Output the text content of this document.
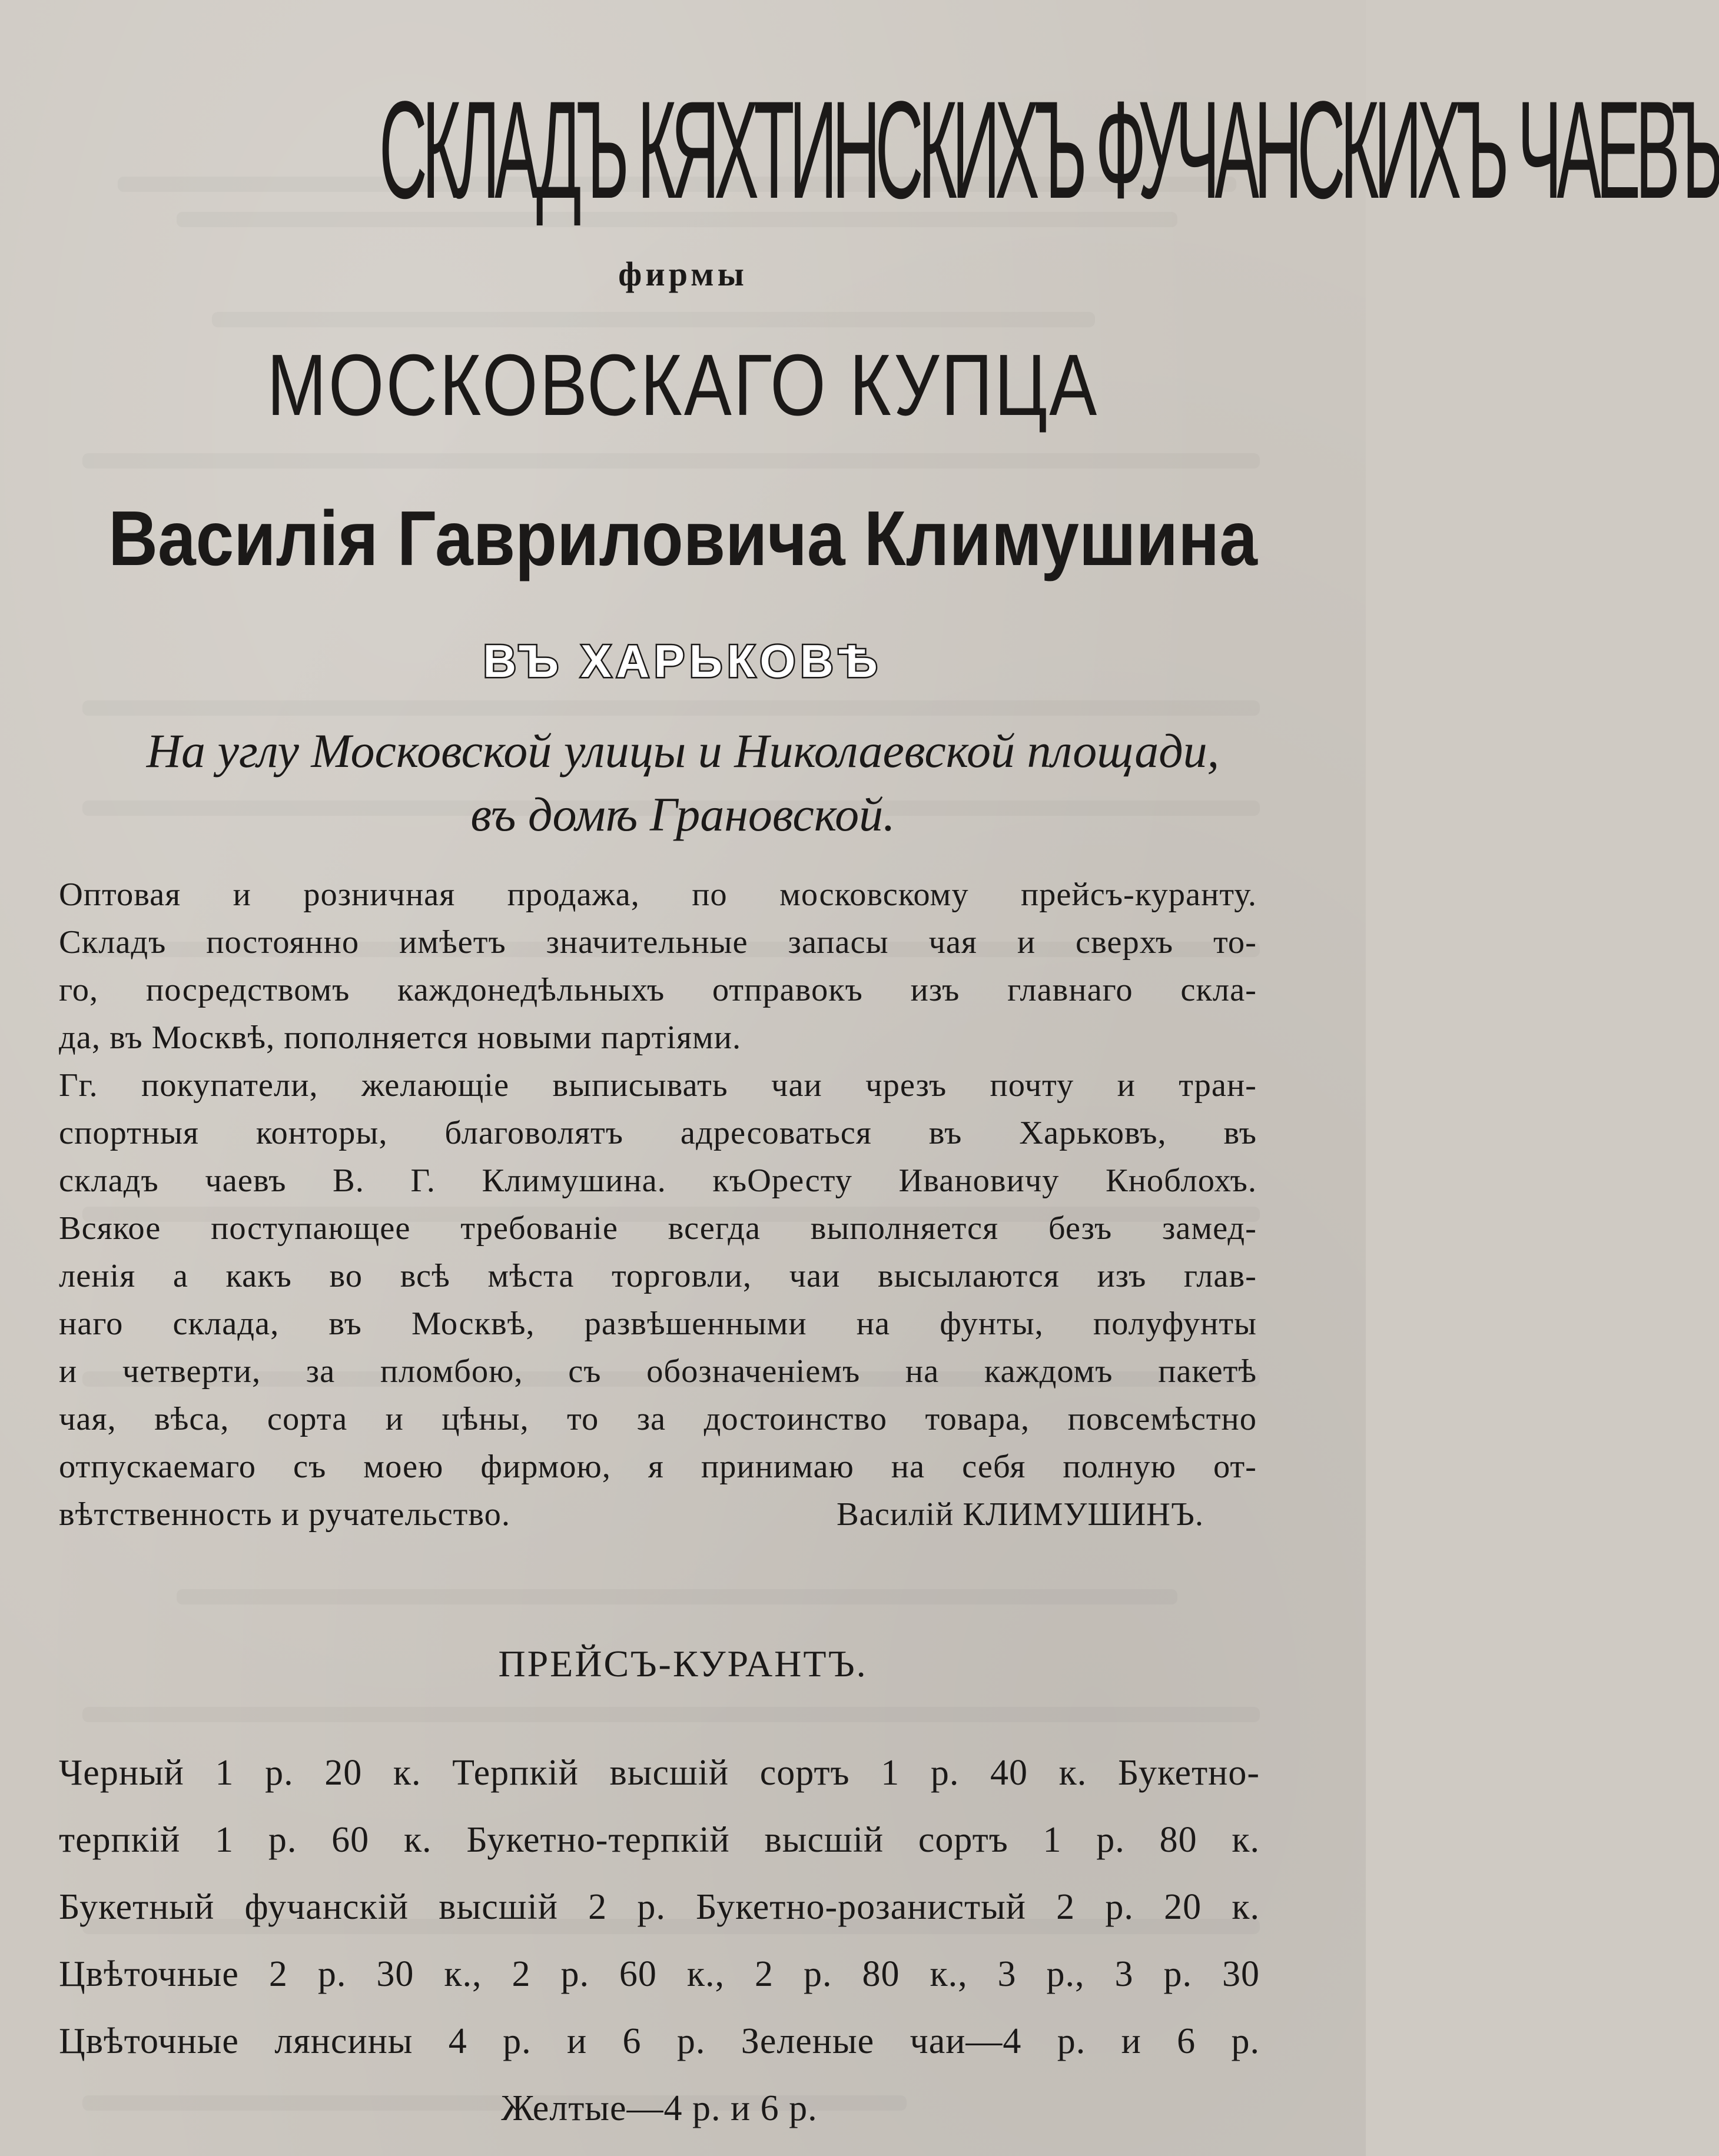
СКЛАДЪ КЯХТИНСКИХЪ ФУЧАНСКИХЪ ЧАЕВЪ
фирмы
МОСКОВСКАГО КУПЦА
Василія Гавриловича Климушина
ВЪ ХАРЬКОВѢ
На углу Московской улицы и Николаевской площади,
въ домѣ Грановской.
Оптовая и розничная продажа, по московскому прейсъ-куранту.
Складъ постоянно имѣетъ значительные запасы чая и сверхъ то-
го, посредствомъ каждонедѣльныхъ отправокъ изъ главнаго скла-
да, въ Москвѣ, пополняется новыми партіями.
Гг. покупатели, желающіе выписывать чаи чрезъ почту и тран-
спортныя конторы, благоволятъ адресоваться въ Харьковъ, въ
складъ чаевъ В. Г. Климушина. къОресту Ивановичу Кноблохъ.
Всякое поступающее требованіе всегда выполняется безъ замед-
ленія а какъ во всѣ мѣста торговли, чаи высылаются изъ глав-
наго склада, въ Москвѣ, развѣшенными на фунты, полуфунты
и четверти, за пломбою, съ обозначеніемъ на каждомъ пакетѣ
чая, вѣса, сорта и цѣны, то за достоинство товара, повсемѣстно
отпускаемаго съ моею фирмою, я принимаю на себя полную от-
вѣтственность и ручательство.	Василій КЛИМУШИНЪ.
ПРЕЙСЪ-КУРАНТЪ.
Черный 1 р. 20 к. Терпкій высшій сортъ 1 р. 40 к. Букетно-
терпкій 1 р. 60 к. Букетно-терпкій высшій сортъ 1 р. 80 к.
Букетный фучанскій высшій 2 р. Букетно-розанистый 2 р. 20 к.
Цвѣточные 2 р. 30 к., 2 р. 60 к., 2 р. 80 к., 3 р., 3 р. 30
Цвѣточные лянсины 4 р. и 6 р. Зеленые чаи—4 р. и 6 р.
Желтые—4 р. и 6 р.
